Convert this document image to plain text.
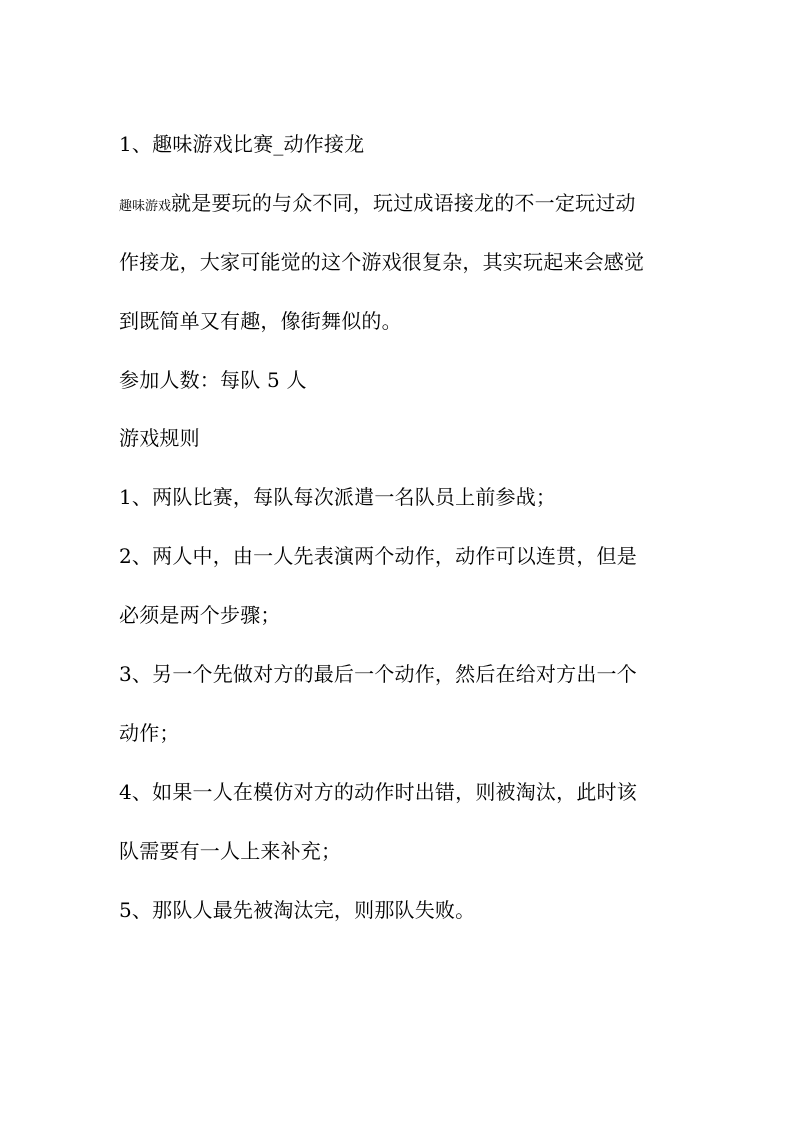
1、趣味游戏比赛_动作接龙
趣味游戏就是要玩的与众不同，玩过成语接龙的不一定玩过动
作接龙，大家可能觉的这个游戏很复杂，其实玩起来会感觉
到既简单又有趣，像街舞似的。
参加人数：每队 5 人
游戏规则
1、两队比赛，每队每次派遣一名队员上前参战；
2、两人中，由一人先表演两个动作，动作可以连贯，但是
必须是两个步骤；
3、另一个先做对方的最后一个动作，然后在给对方出一个
动作；
4、如果一人在模仿对方的动作时出错，则被淘汰，此时该
队需要有一人上来补充；
5、那队人最先被淘汰完，则那队失败。
